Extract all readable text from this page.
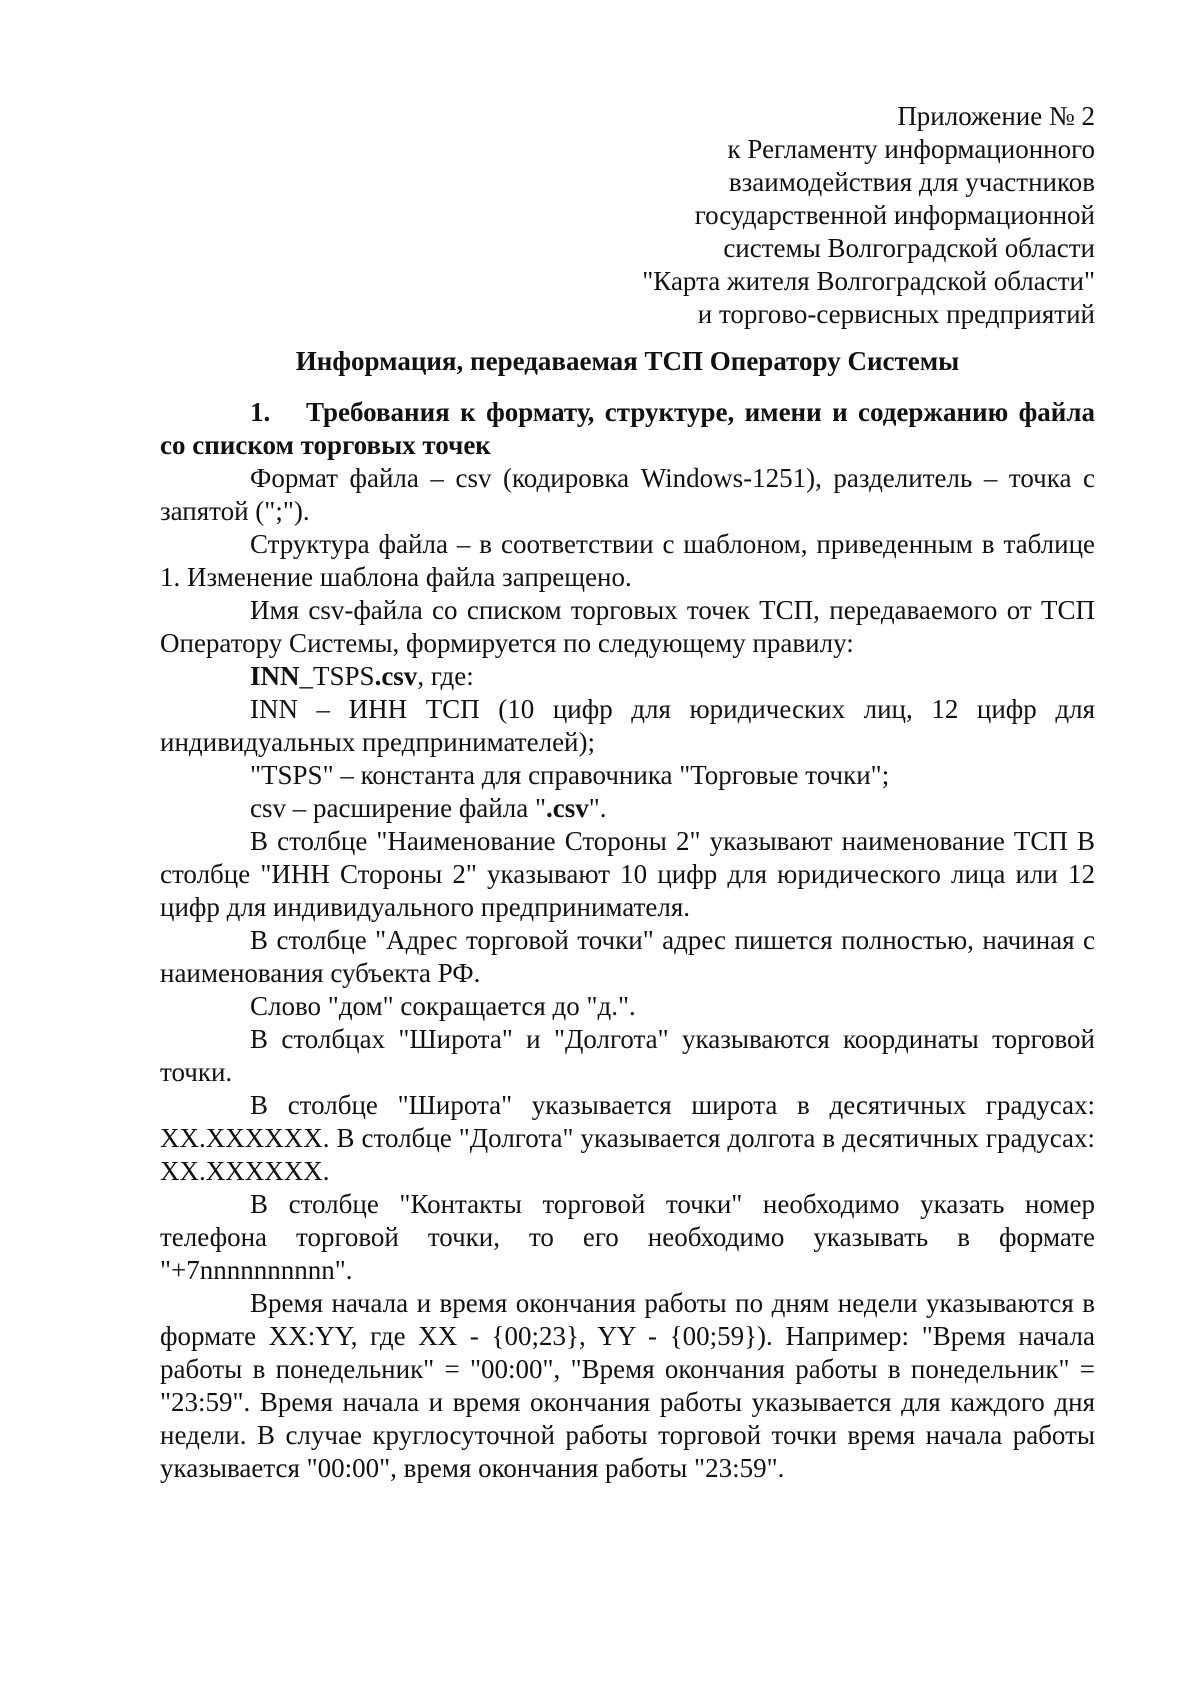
Приложение № 2
к Регламенту информационного
взаимодействия для участников
государственной информационной
системы Волгоградской области
"Карта жителя Волгоградской области"
и торгово-сервисных предприятий
Информация, передаваемая ТСП Оператору Системы
1. Требования к формату, структуре, имени и содержанию файла со списком торговых точек

Формат файла – csv (кодировка Windows-1251), разделитель – точка с запятой (";").

Структура файла – в соответствии с шаблоном, приведенным в таблице 1. Изменение шаблона файла запрещено.

Имя csv-файла со списком торговых точек ТСП, передаваемого от ТСП Оператору Системы, формируется по следующему правилу:

INN_TSPS.csv, где:

INN – ИНН ТСП (10 цифр для юридических лиц, 12 цифр для индивидуальных предпринимателей);

"TSPS" – константа для справочника "Торговые точки";

csv – расширение файла ".csv".

В столбце "Наименование Стороны 2" указывают наименование ТСП В столбце "ИНН Стороны 2" указывают 10 цифр для юридического лица или 12 цифр для индивидуального предпринимателя.

В столбце "Адрес торговой точки" адрес пишется полностью, начиная с наименования субъекта РФ.

Слово "дом" сокращается до "д.".

В столбцах "Широта" и "Долгота" указываются координаты торговой точки.

В столбце "Широта" указывается широта в десятичных градусах: XX.XXXXXX. В столбце "Долгота" указывается долгота в десятичных градусах: XX.XXXXXX.

В столбце "Контакты торговой точки" необходимо указать номер телефона торговой точки, то его необходимо указывать в формате "+7nnnnnnnnnn".

Время начала и время окончания работы по дням недели указываются в формате XX:YY, где XX - {00;23}, YY - {00;59}). Например: "Время начала работы в понедельник" = "00:00", "Время окончания работы в понедельник" = "23:59". Время начала и время окончания работы указывается для каждого дня недели. В случае круглосуточной работы торговой точки время начала работы указывается "00:00", время окончания работы "23:59".
